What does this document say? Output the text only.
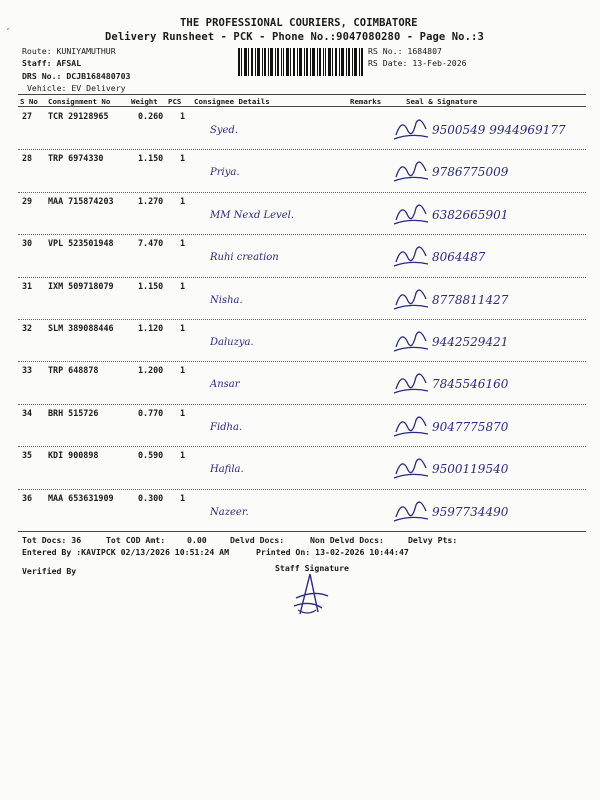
THE PROFESSIONAL COURIERS, COIMBATORE
Delivery Runsheet - PCK - Phone No.:9047080280 - Page No.:3
Route: KUNIYAMUTHUR
Staff: AFSAL
DRS No.: DCJB168480703
Vehicle: EV Delivery
RS No.: 1684807
RS Date: 13-Feb-2026
S No Consignment No	Weight PCS Consignee Details	Remarks	Seal & Signature
27 TCR 29128965	0.260 1
Syed.	9500549 9944969177
28 TRP 6974330	1.150 1
Priya.	9786775009
29 MAA 715874203	1.270 1
MM Nexd Level.	6382665901
30 VPL 523501948	7.470 1
Ruhi creation	8064487
31 IXM 509718079	1.150 1
Nisha.	8778811427
32 SLM 389088446	1.120 1
Daluzya.	9442529421
33 TRP 648878	1.200 1
Ansar	7845546160
34 BRH 515726	0.770 1
Fidha.	9047775870
35 KDI 900898	0.590 1
Hafila.	9500119540
36 MAA 653631909	0.300 1
Nazeer.	9597734490
Tot Docs: 36	Tot COD Amt:	0.00	Delvd Docs:	Non Delvd Docs:	Delvy Pts:
Entered By :KAVIPCK 02/13/2026 10:51:24 AM	Printed On: 13-02-2026 10:44:47
Verified By	Staff Signature
,
